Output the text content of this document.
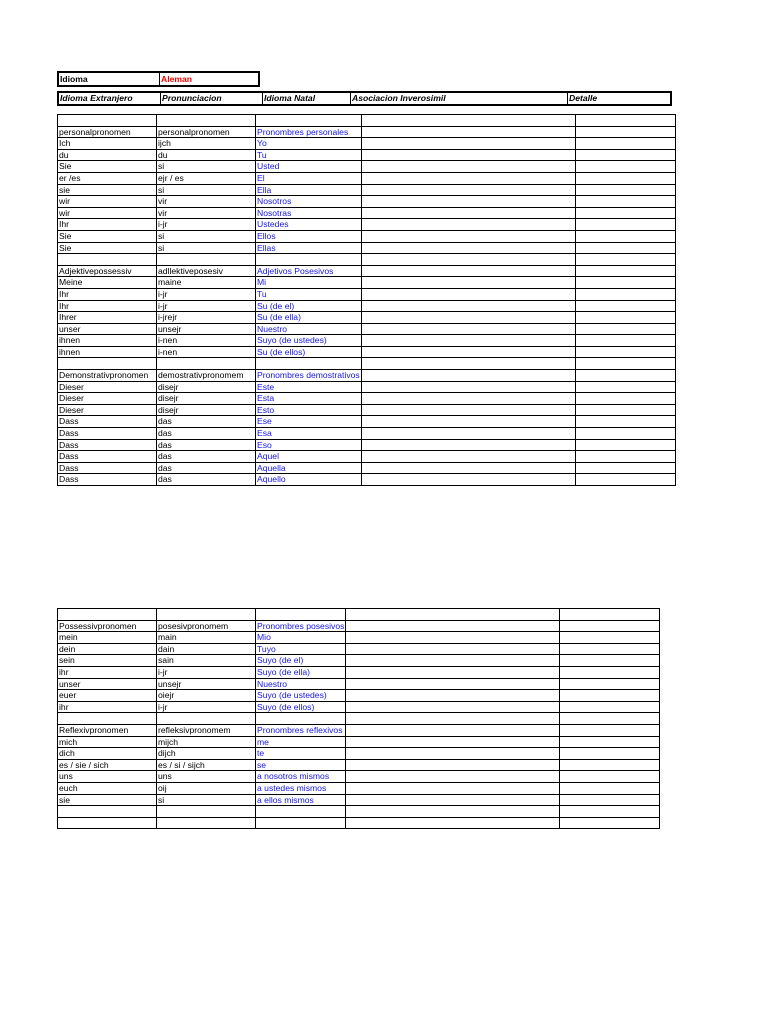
Idioma	Aleman
Idioma Extranjero	Pronunciacion	Idioma Natal	Asociacion Inverosimil	Detalle

personalpronomen	personalpronomen	Pronombres personales		
Ich	ijch	Yo		
du	du	Tu		
Sie	si	Usted		
er /es	ejr / es	El		
sie	si	Ella		
wir	vir	Nosotros		
wir	vir	Nosotras		
Ihr	i-jr	Ustedes		
Sie	si	Ellos		
Sie	si	Ellas		

Adjektivepossessiv	adllektiveposesiv	Adjetivos Posesivos		
Meine	maine	Mi		
Ihr	i-jr	Tu		
Ihr	i-jr	Su (de el)		
Ihrer	i-jrejr	Su (de ella)		
unser	unsejr	Nuestro		
ihnen	i-nen	Suyo (de ustedes)		
ihnen	i-nen	Su (de ellos)		

Demonstrativpronomen	demostrativpronomem	Pronombres demostrativos		
Dieser	disejr	Este		
Dieser	disejr	Esta		
Dieser	disejr	Esto		
Dass	das	Ese		
Dass	das	Esa		
Dass	das	Eso		
Dass	das	Aquel		
Dass	das	Aquella		
Dass	das	Aquello		

Possessivpronomen	posesivpronomem	Pronombres posesivos		
mein	main	Mio		
dein	dain	Tuyo		
sein	sain	Suyo (de el)		
ihr	i-jr	Suyo (de ella)		
unser	unsejr	Nuestro		
euer	oiejr	Suyo (de ustedes)		
ihr	i-jr	Suyo (de ellos)		

Reflexivpronomen	refleksivpronomem	Pronombres reflexivos		
mich	mijch	me		
dich	dijch	te		
es / sie / sich	es / si / sijch	se		
uns	uns	a nosotros mismos		
euch	oij	a ustedes mismos		
sie	si	a ellos mismos		
